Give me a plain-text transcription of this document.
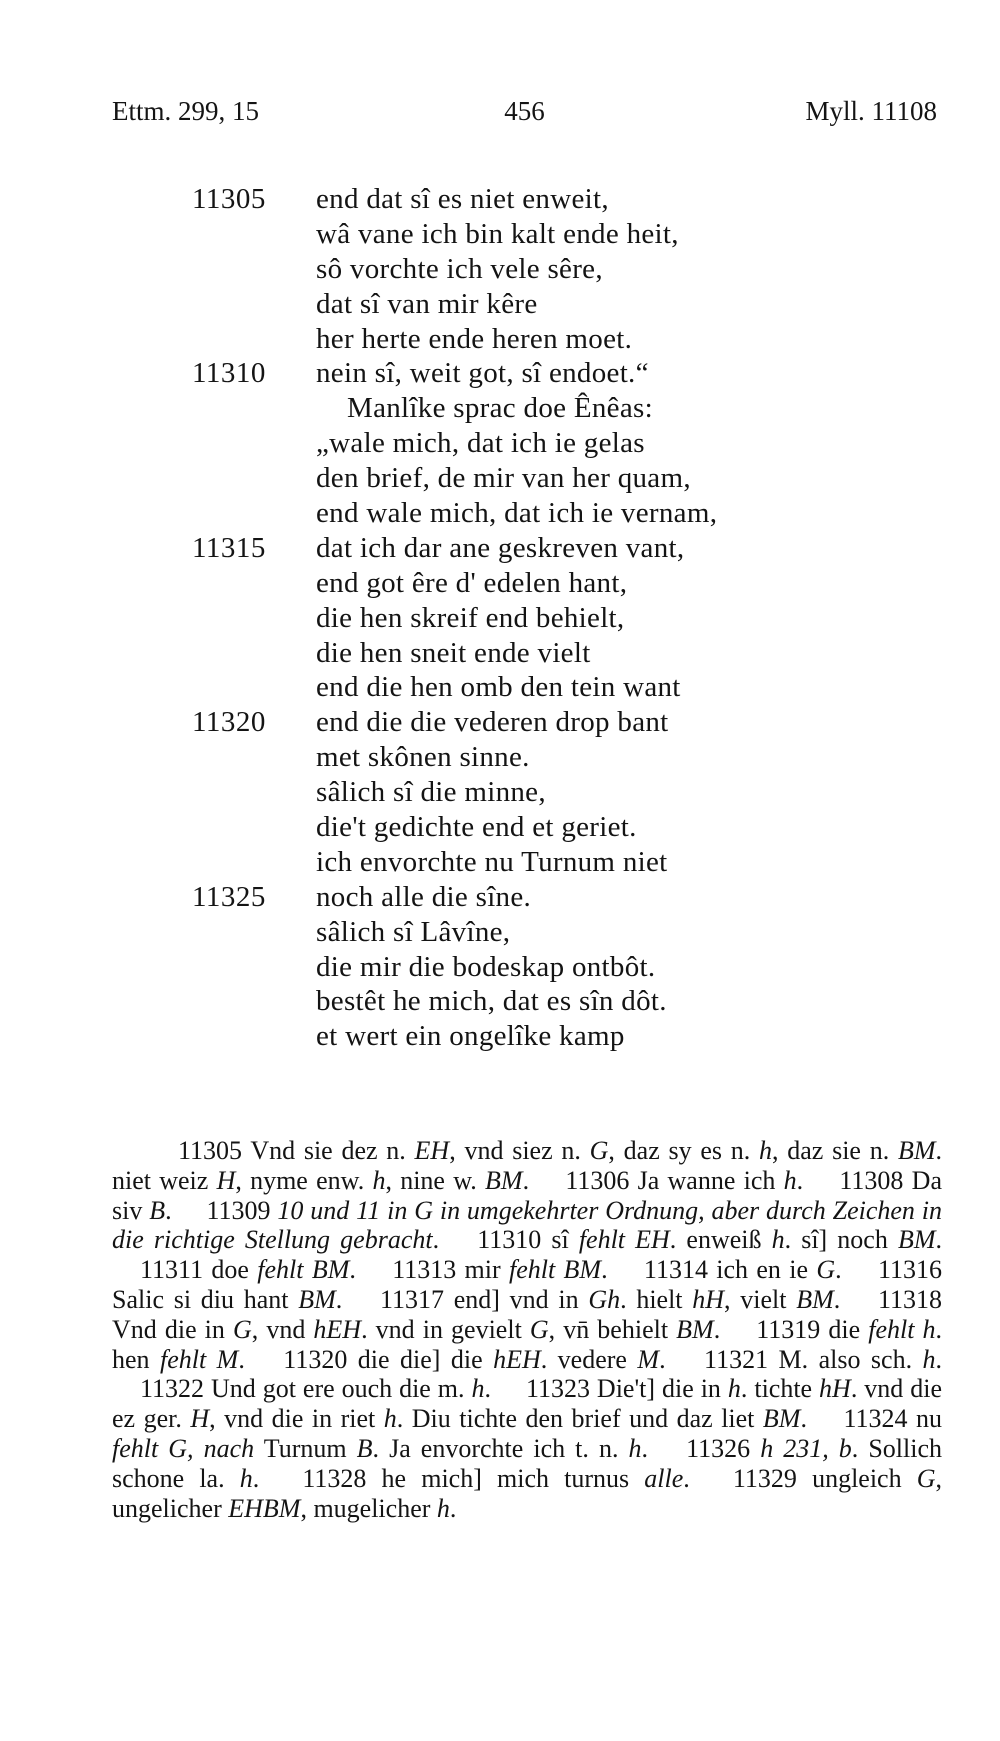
Ettm. 299, 15	456	Myll. 11108
11305	end dat sî es niet enweit,
wâ vane ich bin kalt ende heit,
sô vorchte ich vele sêre,
dat sî van mir kêre
her herte ende heren moet.
11310	nein sî, weit got, sî endoet.“
Manlîke sprac doe Ênêas:
„wale mich, dat ich ie gelas
den brief, de mir van her quam,
end wale mich, dat ich ie vernam,
11315	dat ich dar ane geskreven vant,
end got êre d' edelen hant,
die hen skreif end behielt,
die hen sneit ende vielt
end die hen omb den tein want
11320	end die die vederen drop bant
met skônen sinne.
sâlich sî die minne,
die't gedichte end et geriet.
ich envorchte nu Turnum niet
11325	noch alle die sîne.
sâlich sî Lâvîne,
die mir die bodeskap ontbôt.
bestêt he mich, dat es sîn dôt.
et wert ein ongelîke kamp
11305 Vnd sie dez n. EH, vnd siez n. G, daz sy es n. h, daz sie n. BM. niet weiz H, nyme enw. h, nine w. BM. 11306 Ja wanne ich h. 11308 Da siv B. 11309 10 und 11 in G in umgekehrter Ordnung, aber durch Zeichen in die richtige Stellung gebracht. 11310 sî fehlt EH. enweiß h. sî] noch BM. 11311 doe fehlt BM. 11313 mir fehlt BM. 11314 ich en ie G. 11316 Salic si diu hant BM. 11317 end] vnd in Gh. hielt hH, vielt BM. 11318 Vnd die in G, vnd hEH. vnd in gevielt G, vn̄ behielt BM. 11319 die fehlt h. hen fehlt M. 11320 die die] die hEH. vedere M. 11321 M. also sch. h. 11322 Und got ere ouch die m. h. 11323 Die't] die in h. tichte hH. vnd die ez ger. H, vnd die in riet h. Diu tichte den brief und daz liet BM. 11324 nu fehlt G, nach Turnum B. Ja envorchte ich t. n. h. 11326 h 231, b. Sollich schone la. h. 11328 he mich] mich turnus alle. 11329 ungleich G, ungelicher EHBM, mugelicher h.
